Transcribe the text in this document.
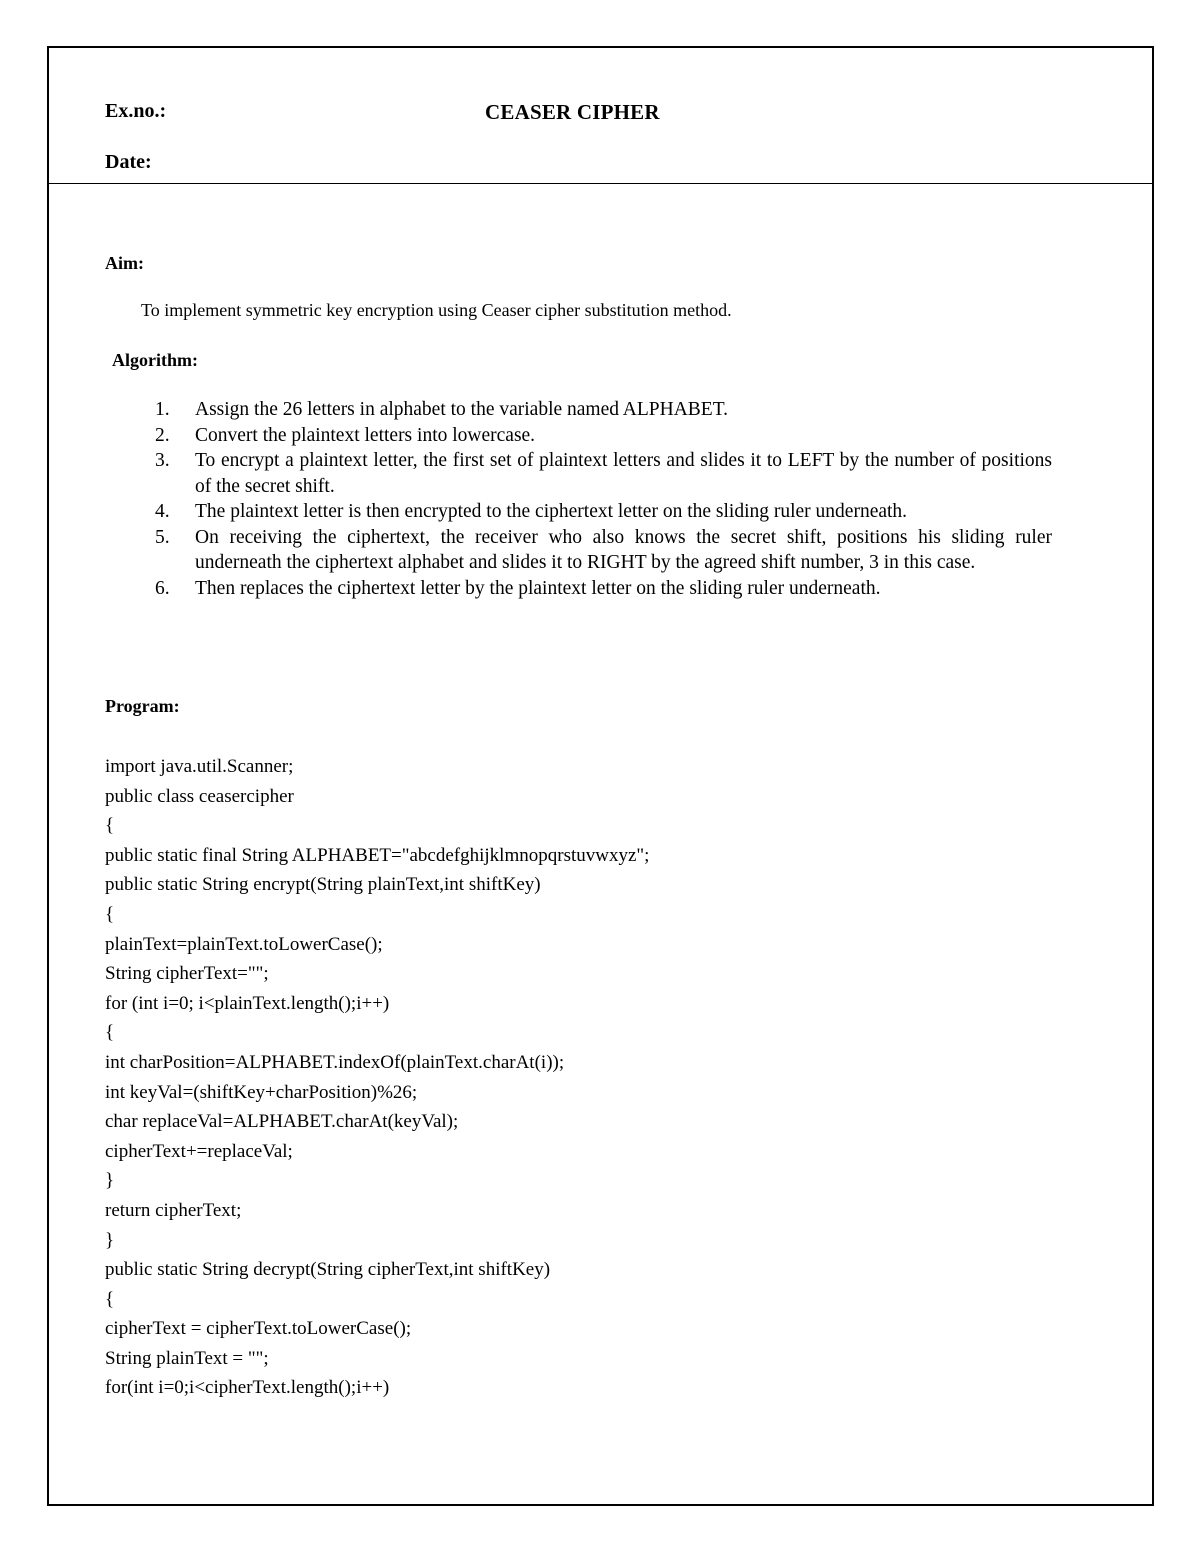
Ex.no.:	CEASER CIPHER
Date:
Aim:
To implement symmetric key encryption using Ceaser cipher substitution method.
Algorithm:
1.	Assign the 26 letters in alphabet to the variable named ALPHABET.
2.	Convert the plaintext letters into lowercase.
3.	To encrypt a plaintext letter, the first set of plaintext letters and slides it to LEFT by the number of positions of the secret shift.
4.	The plaintext letter is then encrypted to the ciphertext letter on the sliding ruler underneath.
5.	On receiving the ciphertext, the receiver who also knows the secret shift, positions his sliding ruler underneath the ciphertext alphabet and slides it to RIGHT by the agreed shift number, 3 in this case.
6.	Then replaces the ciphertext letter by the plaintext letter on the sliding ruler underneath.
Program:
import java.util.Scanner;
public class ceasercipher
{
public static final String ALPHABET="abcdefghijklmnopqrstuvwxyz";
public static String encrypt(String plainText,int shiftKey)
{
plainText=plainText.toLowerCase();
String cipherText="";
for (int i=0; i<plainText.length();i++)
{
int charPosition=ALPHABET.indexOf(plainText.charAt(i));
int keyVal=(shiftKey+charPosition)%26;
char replaceVal=ALPHABET.charAt(keyVal);
cipherText+=replaceVal;
}
return cipherText;
}
public static String decrypt(String cipherText,int shiftKey)
{
cipherText = cipherText.toLowerCase();
String plainText = "";
for(int i=0;i<cipherText.length();i++)
